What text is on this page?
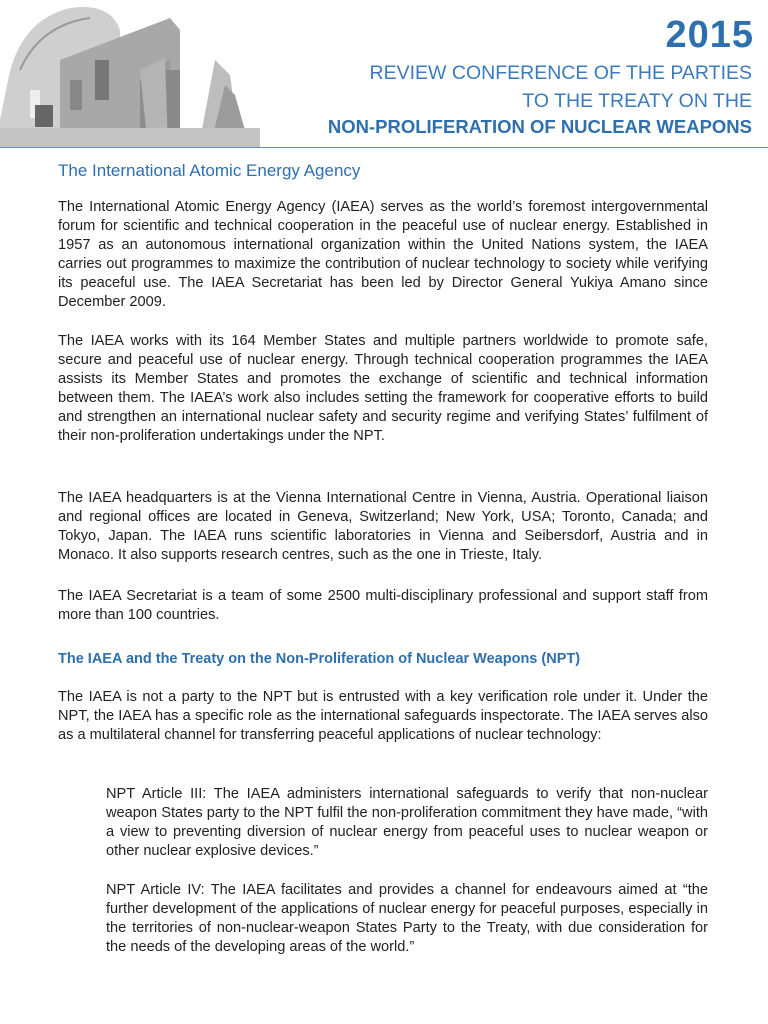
2015
REVIEW CONFERENCE OF THE PARTIES
TO THE TREATY ON THE
NON-PROLIFERATION OF NUCLEAR WEAPONS
The International Atomic Energy Agency

The International Atomic Energy Agency (IAEA) serves as the world’s foremost intergovernmental forum for scientific and technical cooperation in the peaceful use of nuclear energy. Established in 1957 as an autonomous international organization within the United Nations system, the IAEA carries out programmes to maximize the contribution of nuclear technology to society while verifying its peaceful use. The IAEA Secretariat has been led by Director General Yukiya Amano since December 2009.

The IAEA works with its 164 Member States and multiple partners worldwide to promote safe, secure and peaceful use of nuclear energy. Through technical cooperation programmes the IAEA assists its Member States and promotes the exchange of scientific and technical information between them. The IAEA’s work also includes setting the framework for cooperative efforts to build and strengthen an international nuclear safety and security regime and verifying States’ fulfilment of their non-proliferation undertakings under the NPT.

The IAEA headquarters is at the Vienna International Centre in Vienna, Austria. Operational liaison and regional offices are located in Geneva, Switzerland; New York, USA; Toronto, Canada; and Tokyo, Japan. The IAEA runs scientific laboratories in Vienna and Seibersdorf, Austria and in Monaco. It also supports research centres, such as the one in Trieste, Italy.

The IAEA Secretariat is a team of some 2500 multi-disciplinary professional and support staff from more than 100 countries.

The IAEA and the Treaty on the Non-Proliferation of Nuclear Weapons (NPT)

The IAEA is not a party to the NPT but is entrusted with a key verification role under it. Under the NPT, the IAEA has a specific role as the international safeguards inspectorate. The IAEA serves also as a multilateral channel for transferring peaceful applications of nuclear technology:

NPT Article III: The IAEA administers international safeguards to verify that non-nuclear weapon States party to the NPT fulfil the non-proliferation commitment they have made, “with a view to preventing diversion of nuclear energy from peaceful uses to nuclear weapon or other nuclear explosive devices.”

NPT Article IV: The IAEA facilitates and provides a channel for endeavours aimed at “the further development of the applications of nuclear energy for peaceful purposes, especially in the territories of non-nuclear-weapon States Party to the Treaty, with due consideration for the needs of the developing areas of the world.”
